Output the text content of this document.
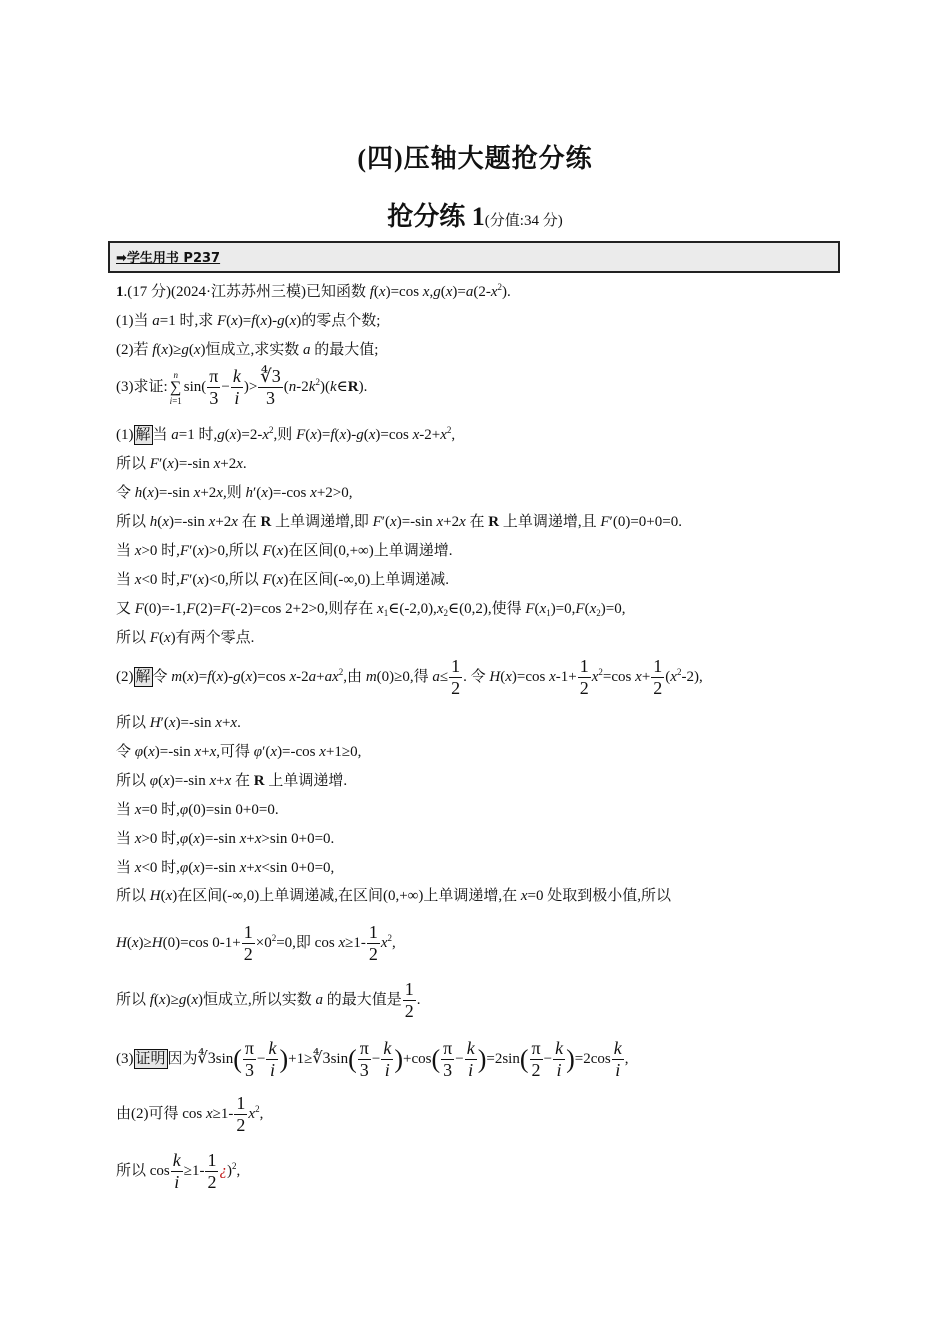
(四)压轴大题抢分练
抢分练 1(分值:34 分)
➡学生用书 P237
1.(17 分)(2024·江苏苏州三模)已知函数 f(x)=cos $x,g(x)=a(2-x^2)$.
(1)当 a=1 时,求 F(x)=f(x)-g(x)的零点个数;
(2)若 f(x)≥g(x)恒成立,求实数 a 的最大值;
(3)求证:n
∑
$i=1\sin( \frac{\pi}{3} - \frac{k}{i}$ )> $\frac{∜3}{3}$ $(n-2k^2)(k\in R)$.
(1) 解 当 a=1 时$,g(x)=2-x^2$,则 F(x)=f(x)-g(x)=cos $x-2+x^2$,
所以 F′(x)=-sin x+2x.
令 h(x)=-sin x+2x,则 h′(x)=-cos x+2>0,
所以 h(x)=-sin x+2x 在 R 上单调递增,即 F′(x)=-sin x+2x 在 R 上单调递增,且 F′(0)=0+0=0.
当 x>0 时,F′(x)>0,所以 F(x)在区间(0,+∞)上单调递增.
当 x<0 时,F′(x)<0,所以 F(x)在区间(-∞,0)上单调递减.
又 F(0)=-1,F(2)=F(-2)=cos 2+2>0,则存在 $x_1\in(-2,0),x_2\in(0,2)$,使得 $F(x_1)=0,F(x_2)=0$,
所以 F(x)有两个零点.
(2) 解 令 m(x)=f(x)-g(x)=cos $x-2a+ax^2$,由 m(0)≥0,得 $a\le \frac{1}{2}$ . 令 H(x)=cos $x-1+ \frac{1}{2} x^2=\cos$ $x+ \frac{1}{2} (x^2-2)$,
所以 H′(x)=-sin x+x.
令 φ(x)=-sin x+x,可得 φ′(x)=-cos x+1≥0,
所以 φ(x)=-sin x+x 在 R 上单调递增.
当 x=0 时,φ(0)=sin 0+0=0.
当 x>0 时,φ(x)=-sin x+x>sin 0+0=0.
当 x<0 时,φ(x)=-sin x+x<sin 0+0=0,
所以 H(x)在区间(-∞,0)上单调递减,在区间(0,+∞)上单调递增,在 x=0 处取到极小值,所以
H(x)≥H(0)=cos $0-1+ \frac{1}{2} \times 0^2=0$,即 $\cos x\ge 1- \frac{1}{2} x^2$,
所以 f(x)≥g(x)恒成立,所以实数 a 的最大值是 $\frac{1}{2}$ .
(3) 证明 因为∜3sin( $\frac{\pi}{3} - \frac{k}{i}$ )+1≥∜3sin( $\frac{\pi}{3} - \frac{k}{i} )+\cos( \frac{\pi}{3} - \frac{k}{i} )=2\sin( \frac{\pi}{2} - \frac{k}{i} )=2\cos \frac{k}{i}$ ,
由(2)可得 $\cos x\ge 1- \frac{1}{2} x^2$,
所以 $\cos \frac{k}{i} \ge 1- \frac{1}{2}$ ¿)$^2$,
